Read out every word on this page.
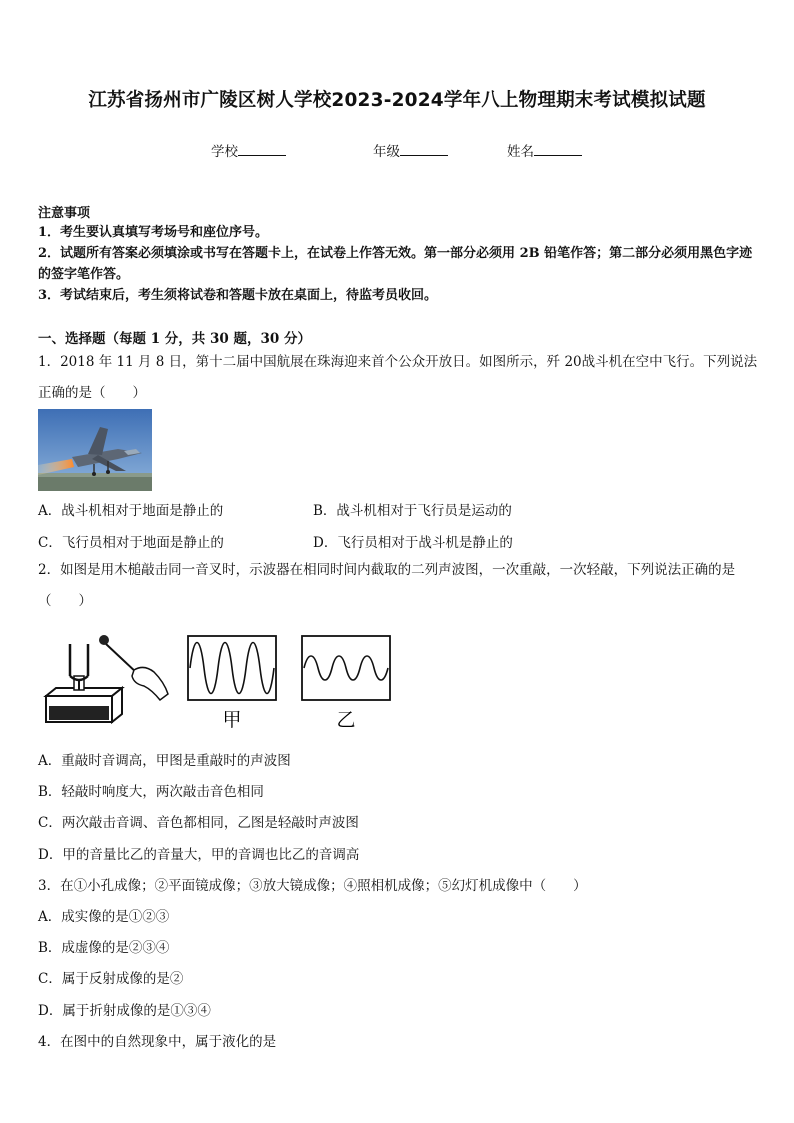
江苏省扬州市广陵区树人学校2023-2024学年八上物理期末考试模拟试题
学校	年级	姓名
注意事项

1．考生要认真填写考场号和座位序号。

2．试题所有答案必须填涂或书写在答题卡上，在试卷上作答无效。第一部分必须用 2B 铅笔作答；第二部分必须用黑色字迹的签字笔作答。

3．考试结束后，考生须将试卷和答题卡放在桌面上，待监考员收回。

一、选择题（每题 1 分，共 30 题，30 分）
1．2018 年 11 月 8 日，第十二届中国航展在珠海迎来首个公众开放日。如图所示，歼 20战斗机在空中飞行。下列说法正确的是（　　）
A．战斗机相对于地面是静止的	B．战斗机相对于飞行员是运动的
C．飞行员相对于地面是静止的	D．飞行员相对于战斗机是静止的
2．如图是用木槌敲击同一音叉时，示波器在相同时间内截取的二列声波图，一次重敲，一次轻敲，下列说法正确的是（　　）
甲	乙
A．重敲时音调高，甲图是重敲时的声波图
B．轻敲时响度大，两次敲击音色相同
C．两次敲击音调、音色都相同，乙图是轻敲时声波图
D．甲的音量比乙的音量大，甲的音调也比乙的音调高
3．在①小孔成像；②平面镜成像；③放大镜成像；④照相机成像；⑤幻灯机成像中（　　）
A．成实像的是①②③
B．成虚像的是②③④
C．属于反射成像的是②
D．属于折射成像的是①③④
4．在图中的自然现象中，属于液化的是
